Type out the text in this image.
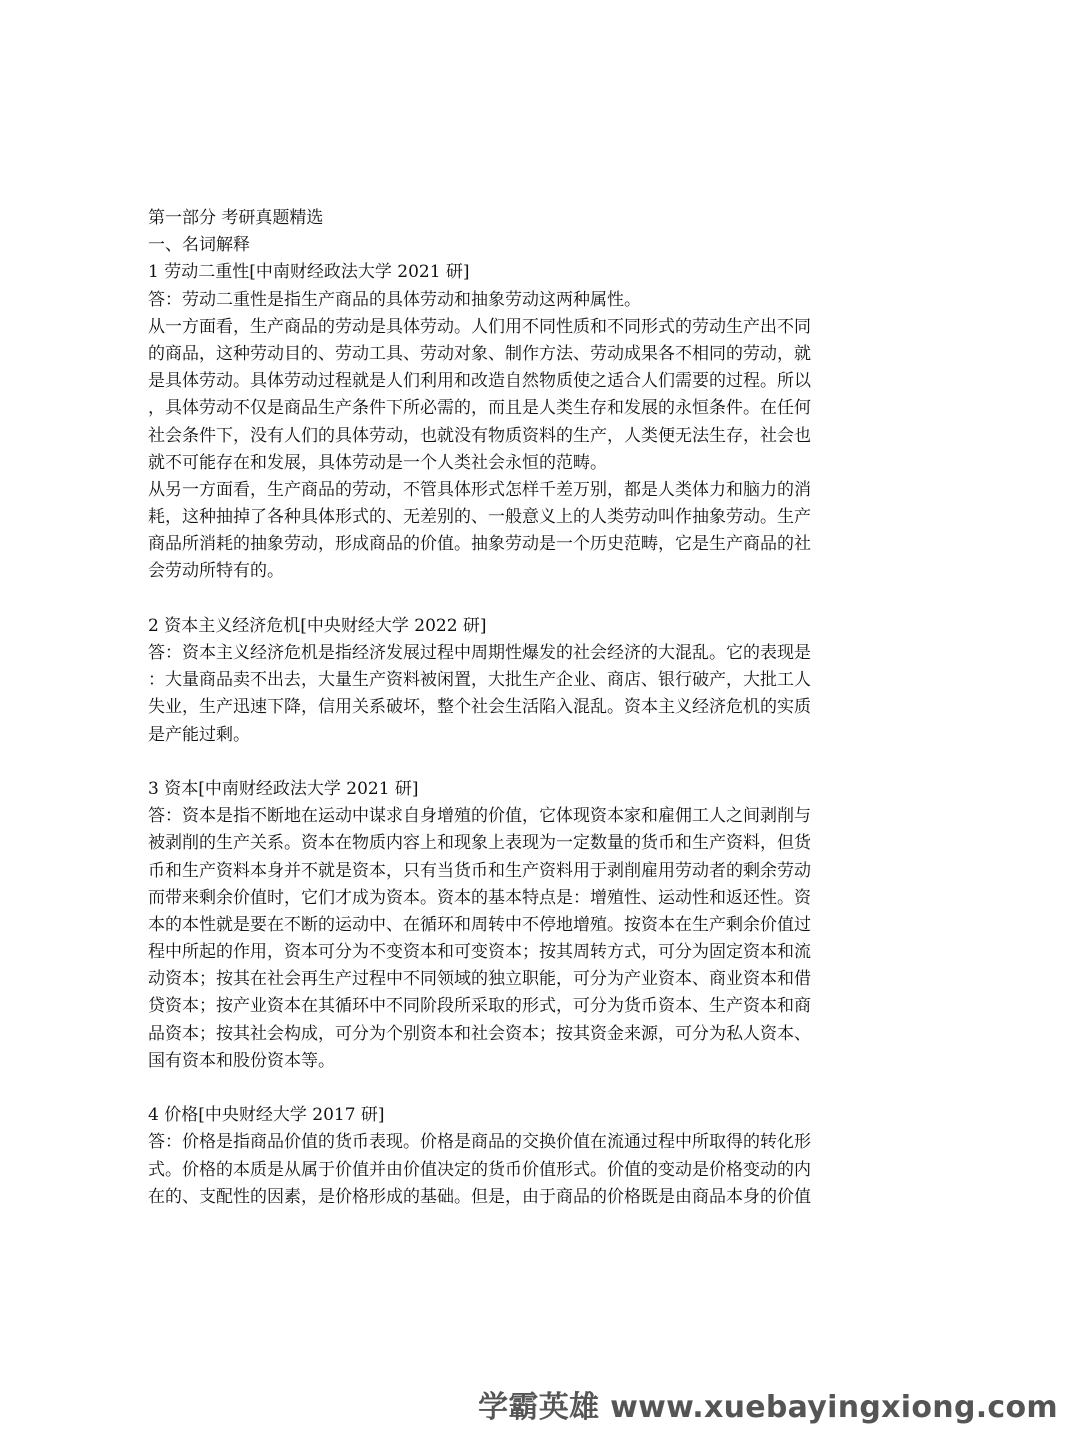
第一部分 考研真题精选
一、名词解释
1 劳动二重性[中南财经政法大学 2021 研]
答：劳动二重性是指生产商品的具体劳动和抽象劳动这两种属性。
从一方面看，生产商品的劳动是具体劳动。人们用不同性质和不同形式的劳动生产出不同
的商品，这种劳动目的、劳动工具、劳动对象、制作方法、劳动成果各不相同的劳动，就
是具体劳动。具体劳动过程就是人们利用和改造自然物质使之适合人们需要的过程。所以
，具体劳动不仅是商品生产条件下所必需的，而且是人类生存和发展的永恒条件。在任何
社会条件下，没有人们的具体劳动，也就没有物质资料的生产，人类便无法生存，社会也
就不可能存在和发展，具体劳动是一个人类社会永恒的范畴。
从另一方面看，生产商品的劳动，不管具体形式怎样千差万别，都是人类体力和脑力的消
耗，这种抽掉了各种具体形式的、无差别的、一般意义上的人类劳动叫作抽象劳动。生产
商品所消耗的抽象劳动，形成商品的价值。抽象劳动是一个历史范畴，它是生产商品的社
会劳动所特有的。
2 资本主义经济危机[中央财经大学 2022 研]
答：资本主义经济危机是指经济发展过程中周期性爆发的社会经济的大混乱。它的表现是
：大量商品卖不出去，大量生产资料被闲置，大批生产企业、商店、银行破产，大批工人
失业，生产迅速下降，信用关系破坏，整个社会生活陷入混乱。资本主义经济危机的实质
是产能过剩。
3 资本[中南财经政法大学 2021 研]
答：资本是指不断地在运动中谋求自身增殖的价值，它体现资本家和雇佣工人之间剥削与
被剥削的生产关系。资本在物质内容上和现象上表现为一定数量的货币和生产资料，但货
币和生产资料本身并不就是资本，只有当货币和生产资料用于剥削雇用劳动者的剩余劳动
而带来剩余价值时，它们才成为资本。资本的基本特点是：增殖性、运动性和返还性。资
本的本性就是要在不断的运动中、在循环和周转中不停地增殖。按资本在生产剩余价值过
程中所起的作用，资本可分为不变资本和可变资本；按其周转方式，可分为固定资本和流
动资本；按其在社会再生产过程中不同领域的独立职能，可分为产业资本、商业资本和借
贷资本；按产业资本在其循环中不同阶段所采取的形式，可分为货币资本、生产资本和商
品资本；按其社会构成，可分为个别资本和社会资本；按其资金来源，可分为私人资本、
国有资本和股份资本等。
4 价格[中央财经大学 2017 研]
答：价格是指商品价值的货币表现。价格是商品的交换价值在流通过程中所取得的转化形
式。价格的本质是从属于价值并由价值决定的货币价值形式。价值的变动是价格变动的内
在的、支配性的因素，是价格形成的基础。但是，由于商品的价格既是由商品本身的价值
学霸英雄 www.xuebayingxiong.com
